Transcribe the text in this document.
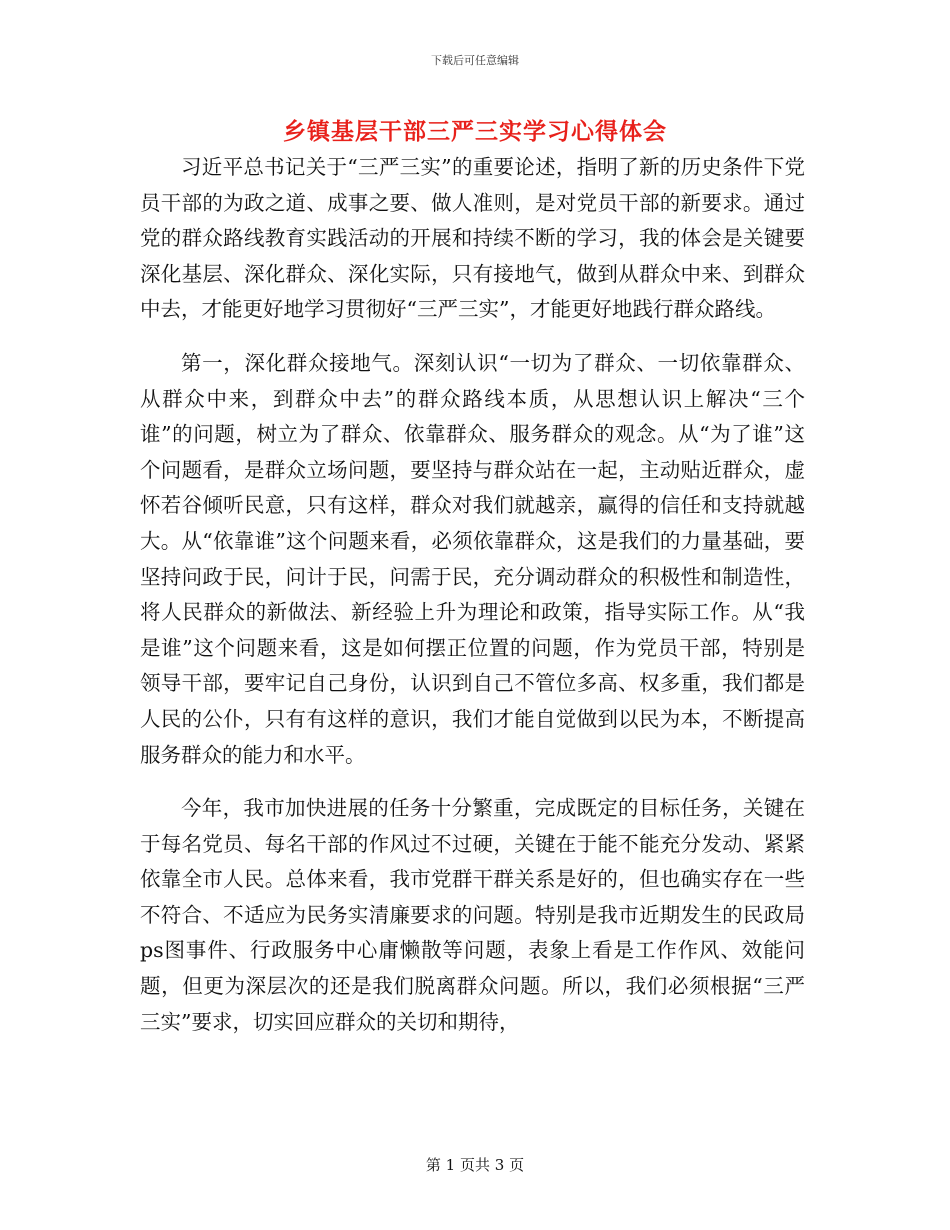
下载后可任意编辑
乡镇基层干部三严三实学习心得体会

习近平总书记关于“三严三实”的重要论述，指明了新的历史条件下党员干部的为政之道、成事之要、做人准则，是对党员干部的新要求。通过党的群众路线教育实践活动的开展和持续不断的学习，我的体会是关键要深化基层、深化群众、深化实际，只有接地气，做到从群众中来、到群众中去，才能更好地学习贯彻好“三严三实”，才能更好地践行群众路线。

第一，深化群众接地气。深刻认识“一切为了群众、一切依靠群众、从群众中来，到群众中去”的群众路线本质，从思想认识上解决“三个谁”的问题，树立为了群众、依靠群众、服务群众的观念。从“为了谁”这个问题看，是群众立场问题，要坚持与群众站在一起，主动贴近群众，虚怀若谷倾听民意，只有这样，群众对我们就越亲，赢得的信任和支持就越大。从“依靠谁”这个问题来看，必须依靠群众，这是我们的力量基础，要坚持问政于民，问计于民，问需于民，充分调动群众的积极性和制造性，将人民群众的新做法、新经验上升为理论和政策，指导实际工作。从“我是谁”这个问题来看，这是如何摆正位置的问题，作为党员干部，特别是领导干部，要牢记自己身份，认识到自己不管位多高、权多重，我们都是人民的公仆，只有有这样的意识，我们才能自觉做到以民为本，不断提高服务群众的能力和水平。

今年，我市加快进展的任务十分繁重，完成既定的目标任务，关键在于每名党员、每名干部的作风过不过硬，关键在于能不能充分发动、紧紧依靠全市人民。总体来看，我市党群干群关系是好的，但也确实存在一些不符合、不适应为民务实清廉要求的问题。特别是我市近期发生的民政局ps图事件、行政服务中心庸懒散等问题，表象上看是工作作风、效能问题，但更为深层次的还是我们脱离群众问题。所以，我们必须根据“三严三实”要求，切实回应群众的关切和期待，

第 1 页共 3 页
